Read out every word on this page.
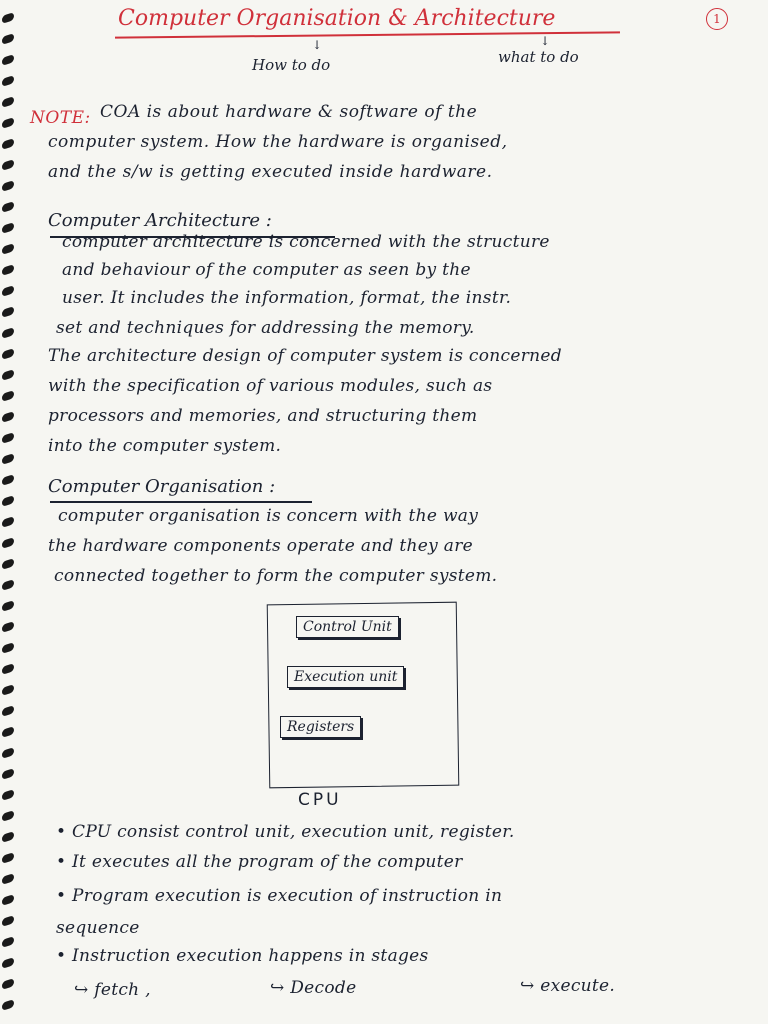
Computer Organisation & Architecture	1
↓	↓
How to do	what to do
NOTE: COA is about hardware & software of the
computer system. How the hardware is organised,
and the s/w is getting executed inside hardware.
Computer Architecture :
computer architecture is concerned with the structure
and behaviour of the computer as seen by the
user. It includes the information, format, the instr.
set and techniques for addressing the memory.
The architecture design of computer system is concerned
with the specification of various modules, such as
processors and memories, and structuring them
into the computer system.
Computer Organisation :
computer organisation is concern with the way
the hardware components operate and they are
connected together to form the computer system.
Control Unit
Execution unit
Registers
CPU
• CPU consist control unit, execution unit, register.
• It executes all the program of the computer
• Program execution is execution of instruction in
sequence
• Instruction execution happens in stages
↪ fetch ,	↪ Decode	↪ execute.
